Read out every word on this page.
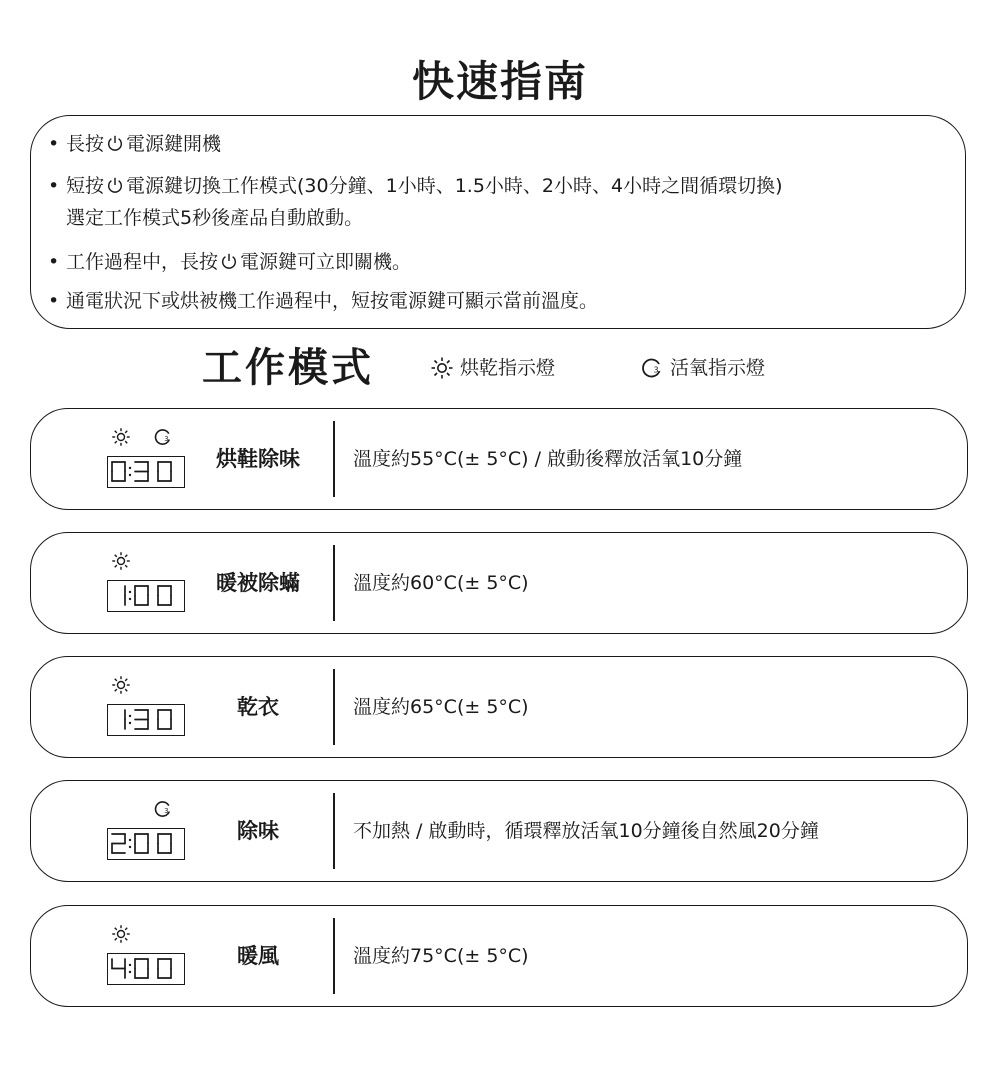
快速指南
• 長按 電源鍵開機
• 短按 電源鍵切換工作模式(30分鐘、1小時、1.5小時、2小時、4小時之間循環切換)
選定工作模式5秒後產品自動啟動。
• 工作過程中，長按 電源鍵可立即關機。
• 通電狀況下或烘被機工作過程中，短按電源鍵可顯示當前溫度。
工作模式	烘乾指示燈	3 活氧指示燈
3
烘鞋除味	溫度約55°C(± 5°C) / 啟動後釋放活氧10分鐘
暖被除蟎	溫度約60°C(± 5°C)
乾衣	溫度約65°C(± 5°C)
3
除味	不加熱 / 啟動時，循環釋放活氧10分鐘後自然風20分鐘
暖風	溫度約75°C(± 5°C)
